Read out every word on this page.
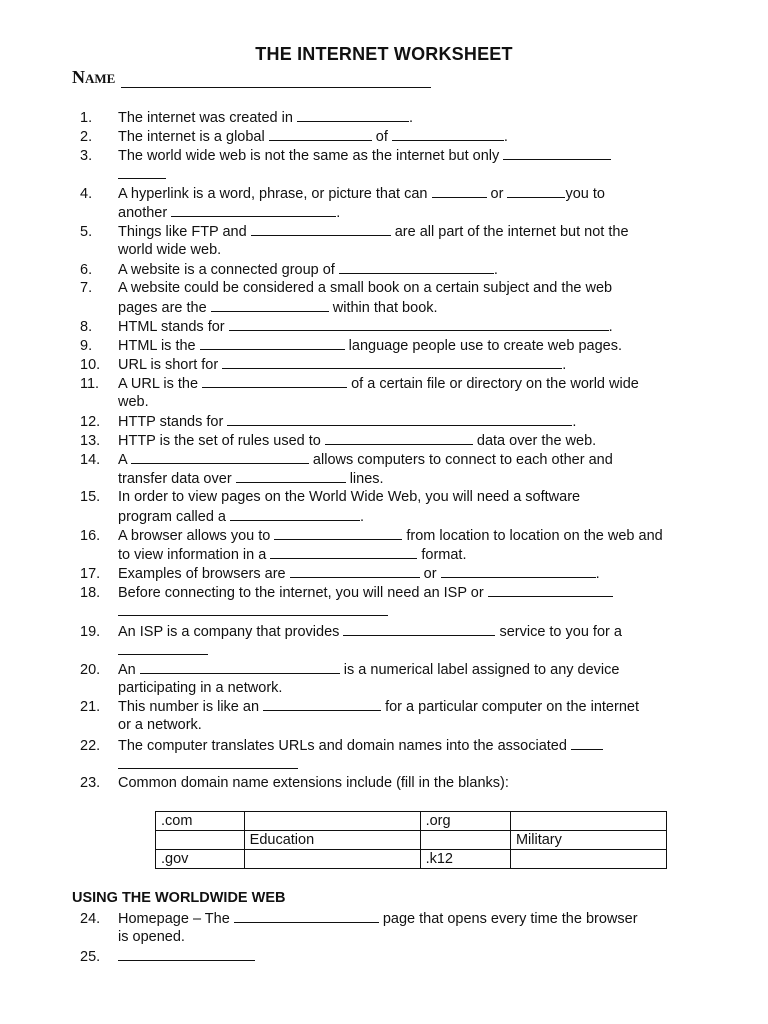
THE INTERNET WORKSHEET
Name
1. The internet was created in	.
2. The internet is a global	of	.
3. The world wide web is not the same as the internet but only
4. A hyperlink is a word, phrase, or picture that can	or	you to
another	.
5. Things like FTP and	are all part of the internet but not the
world wide web.
6. A website is a connected group of	.
7. A website could be considered a small book on a certain subject and the web
pages are the	within that book.
8. HTML stands for	.
9. HTML is the	language people use to create web pages.
10. URL is short for	.
11. A URL is the	of a certain file or directory on the world wide
web.
12. HTTP stands for	.
13. HTTP is the set of rules used to	data over the web.
14. A	allows computers to connect to each other and
transfer data over	lines.
15. In order to view pages on the World Wide Web, you will need a software
program called a	.
16. A browser allows you to	from location to location on the web and
to view information in a	format.
17. Examples of browsers are	or	.
18. Before connecting to the internet, you will need an ISP or
19. An ISP is a company that provides	service to you for a
20. An	is a numerical label assigned to any device
participating in a network.
21. This number is like an	for a particular computer on the internet
or a network.
22. The computer translates URLs and domain names into the associated
23. Common domain name extensions include (fill in the blanks):
.com		.org	
	Education		Military
.gov		.k12	
USING THE WORLDWIDE WEB
24. Homepage – The	page that opens every time the browser
is opened.
25.
